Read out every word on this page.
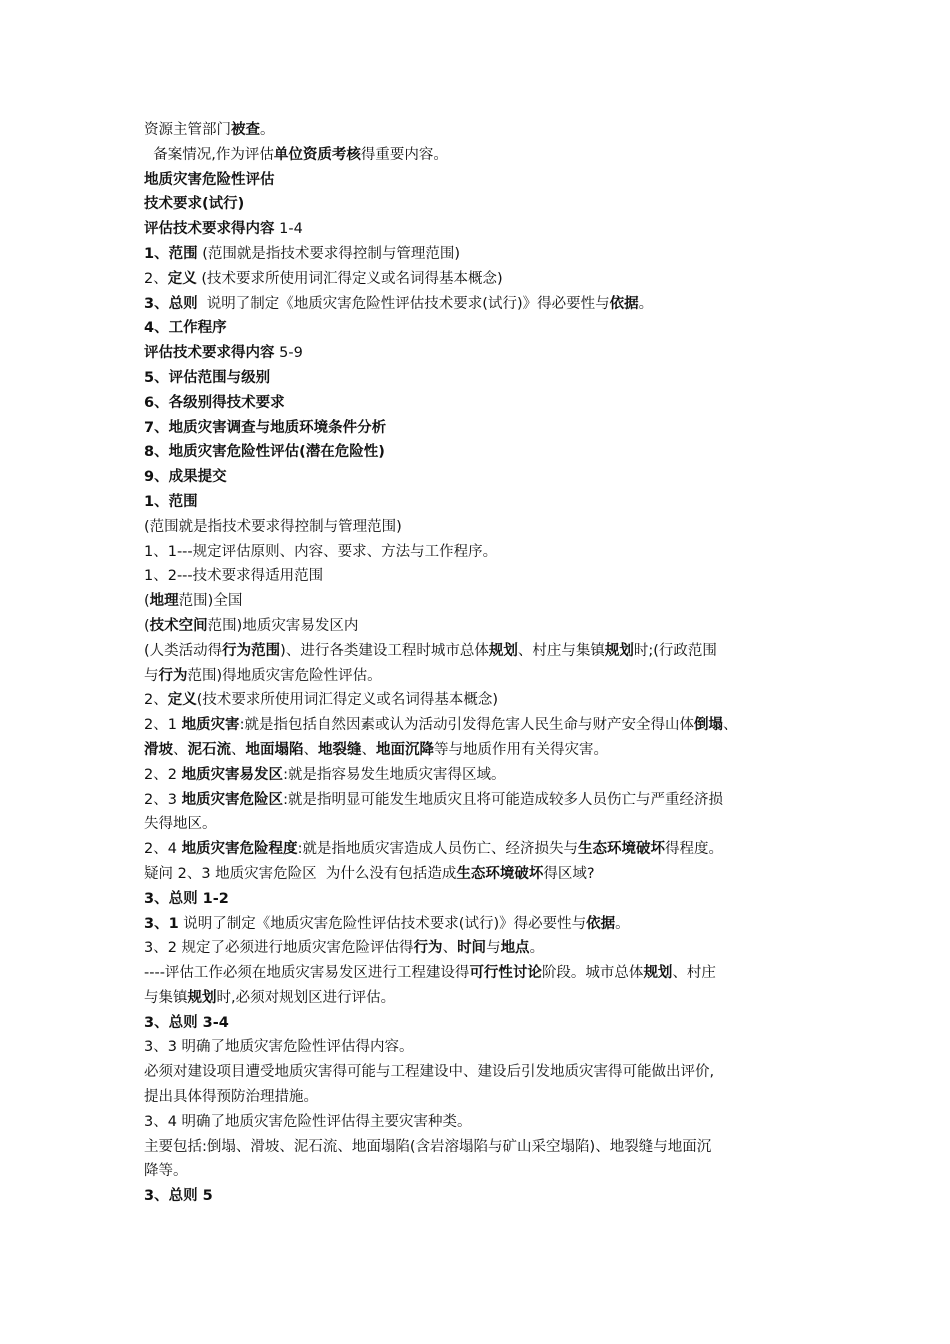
资源主管部门被查。

备案情况,作为评估单位资质考核得重要内容。

地质灾害危险性评估

技术要求(试行)

评估技术要求得内容 1-4

1、范围 (范围就是指技术要求得控制与管理范围)

2、定义 (技术要求所使用词汇得定义或名词得基本概念)

3、总则  说明了制定《地质灾害危险性评估技术要求(试行)》得必要性与依据。

4、工作程序

评估技术要求得内容 5-9

5、评估范围与级别

6、各级别得技术要求

7、地质灾害调查与地质环境条件分析

8、地质灾害危险性评估(潜在危险性)

9、成果提交

1、范围

(范围就是指技术要求得控制与管理范围)

1、1---规定评估原则、内容、要求、方法与工作程序。

1、2---技术要求得适用范围

(地理范围)全国

(技术空间范围)地质灾害易发区内

(人类活动得行为范围)、进行各类建设工程时城市总体规划、村庄与集镇规划时;(行政范围

与行为范围)得地质灾害危险性评估。

2、定义(技术要求所使用词汇得定义或名词得基本概念)

2、1 地质灾害:就是指包括自然因素或认为活动引发得危害人民生命与财产安全得山体倒塌、

滑坡、泥石流、地面塌陷、地裂缝、地面沉降等与地质作用有关得灾害。

2、2 地质灾害易发区:就是指容易发生地质灾害得区域。

2、3 地质灾害危险区:就是指明显可能发生地质灾且将可能造成较多人员伤亡与严重经济损

失得地区。

2、4 地质灾害危险程度:就是指地质灾害造成人员伤亡、经济损失与生态环境破坏得程度。

疑问 2、3 地质灾害危险区  为什么没有包括造成生态环境破坏得区域?

3、总则 1-2

3、1 说明了制定《地质灾害危险性评估技术要求(试行)》得必要性与依据。

3、2 规定了必须进行地质灾害危险评估得行为、时间与地点。

----评估工作必须在地质灾害易发区进行工程建设得可行性讨论阶段。城市总体规划、村庄

与集镇规划时,必须对规划区进行评估。

3、总则 3-4

3、3 明确了地质灾害危险性评估得内容。

必须对建设项目遭受地质灾害得可能与工程建设中、建设后引发地质灾害得可能做出评价,

提出具体得预防治理措施。

3、4 明确了地质灾害危险性评估得主要灾害种类。

主要包括:倒塌、滑坡、泥石流、地面塌陷(含岩溶塌陷与矿山采空塌陷)、地裂缝与地面沉

降等。

3、总则 5
